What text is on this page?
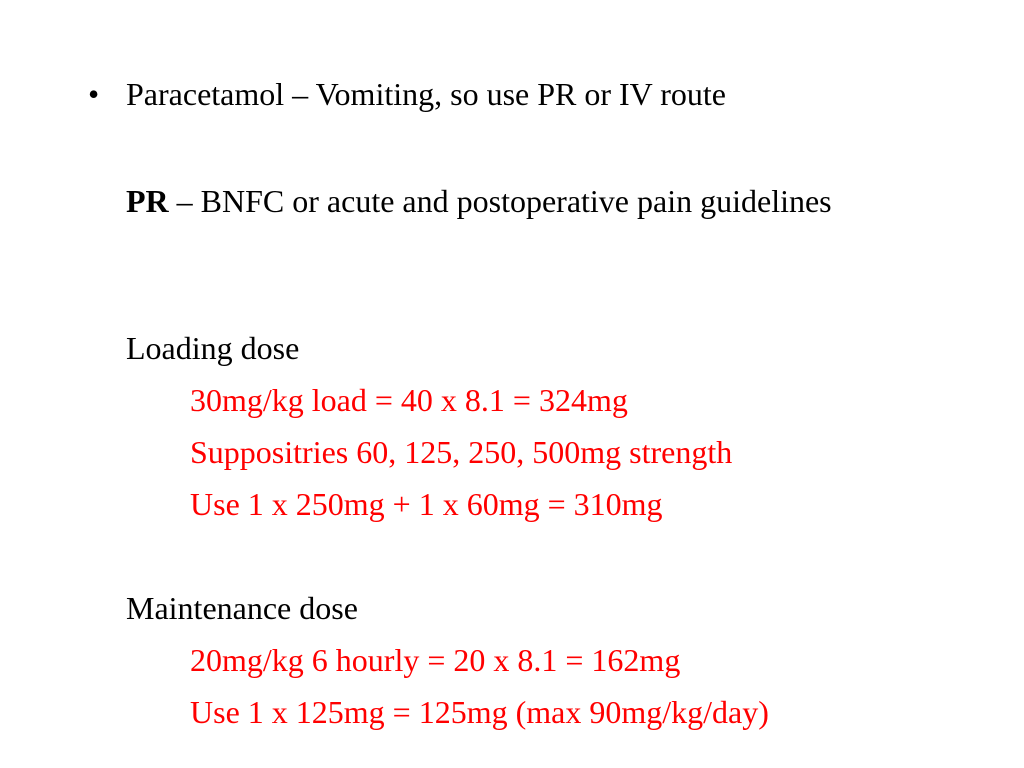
• Paracetamol – Vomiting, so use PR or IV route
PR – BNFC or acute and postoperative pain guidelines
Loading dose
30mg/kg load = 40 x 8.1 = 324mg
Suppositries 60, 125, 250, 500mg strength
Use 1 x 250mg + 1 x 60mg = 310mg
Maintenance dose
20mg/kg 6 hourly = 20 x 8.1 = 162mg
Use 1 x 125mg = 125mg (max 90mg/kg/day)
